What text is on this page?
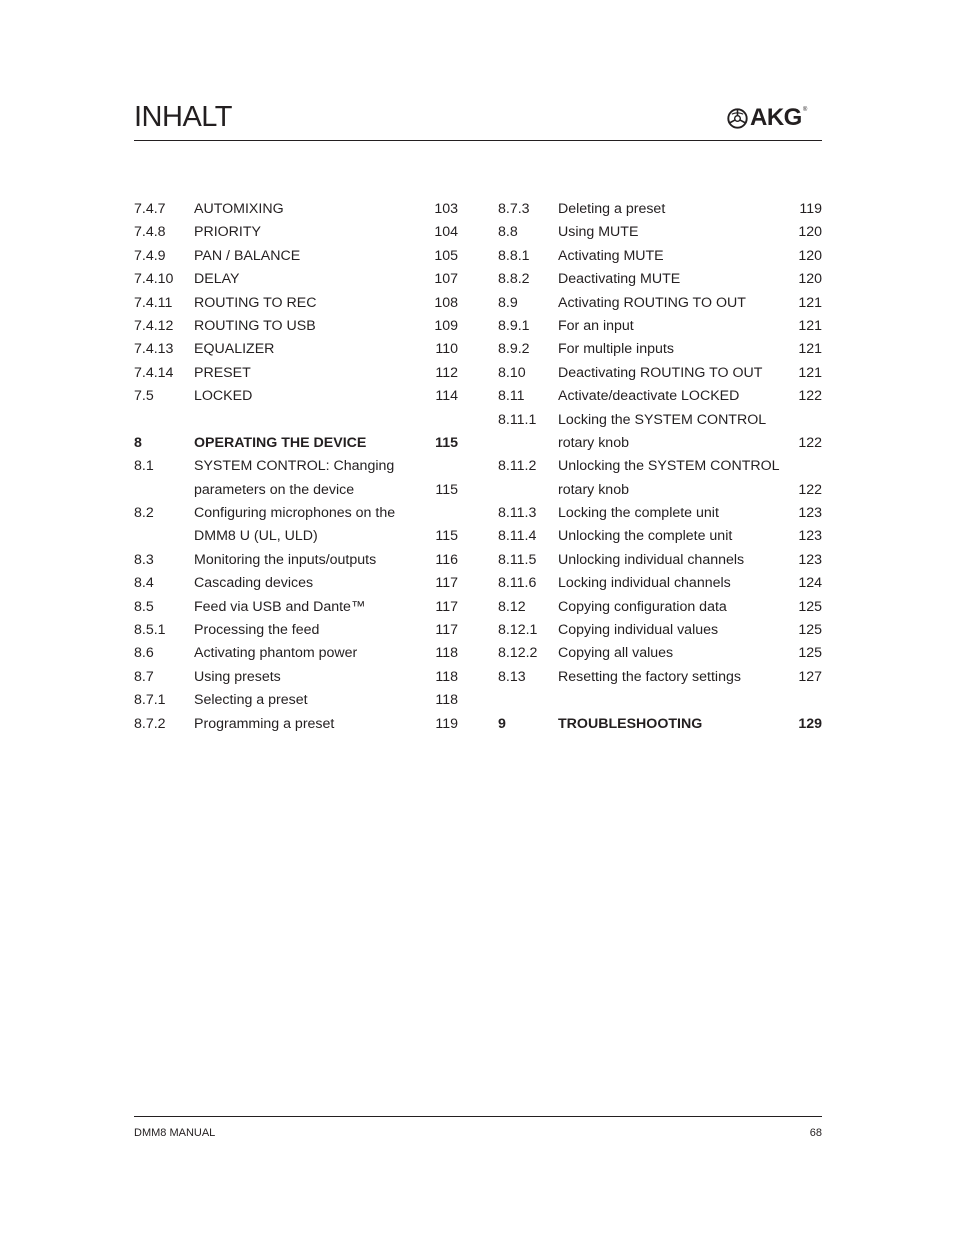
INHALT	AKG ®
7.4.7 AUTOMIXING	103
7.4.8 PRIORITY	104
7.4.9 PAN / BALANCE	105
7.4.10 DELAY	107
7.4.11 ROUTING TO REC	108
7.4.12 ROUTING TO USB	109
7.4.13 EQUALIZER	110
7.4.14 PRESET	112
7.5	LOCKED	114
8	OPERATING THE DEVICE	115
8.1	SYSTEM CONTROL: Changing
parameters on the device	115
8.2	Configuring microphones on the
DMM8 U (UL, ULD)	115
8.3	Monitoring the inputs/outputs	116
8.4	Cascading devices	117
8.5	Feed via USB and Dante™	117
8.5.1 Processing the feed	117
8.6	Activating phantom power	118
8.7	Using presets	118
8.7.1 Selecting a preset	118
8.7.2 Programming a preset	119
8.7.3 Deleting a preset	119
8.8	Using MUTE	120
8.8.1 Activating MUTE	120
8.8.2 Deactivating MUTE	120
8.9	Activating ROUTING TO OUT	121
8.9.1 For an input	121
8.9.2 For multiple inputs	121
8.10 Deactivating ROUTING TO OUT	121
8.11 Activate/deactivate LOCKED	122
8.11.1 Locking the SYSTEM CONTROL
rotary knob	122
8.11.2 Unlocking the SYSTEM CONTROL
rotary knob	122
8.11.3 Locking the complete unit	123
8.11.4 Unlocking the complete unit	123
8.11.5 Unlocking individual channels	123
8.11.6 Locking individual channels	124
8.12 Copying configuration data	125
8.12.1 Copying individual values	125
8.12.2 Copying all values	125
8.13 Resetting the factory settings	127
9	TROUBLESHOOTING	129
DMM8 MANUAL	68
